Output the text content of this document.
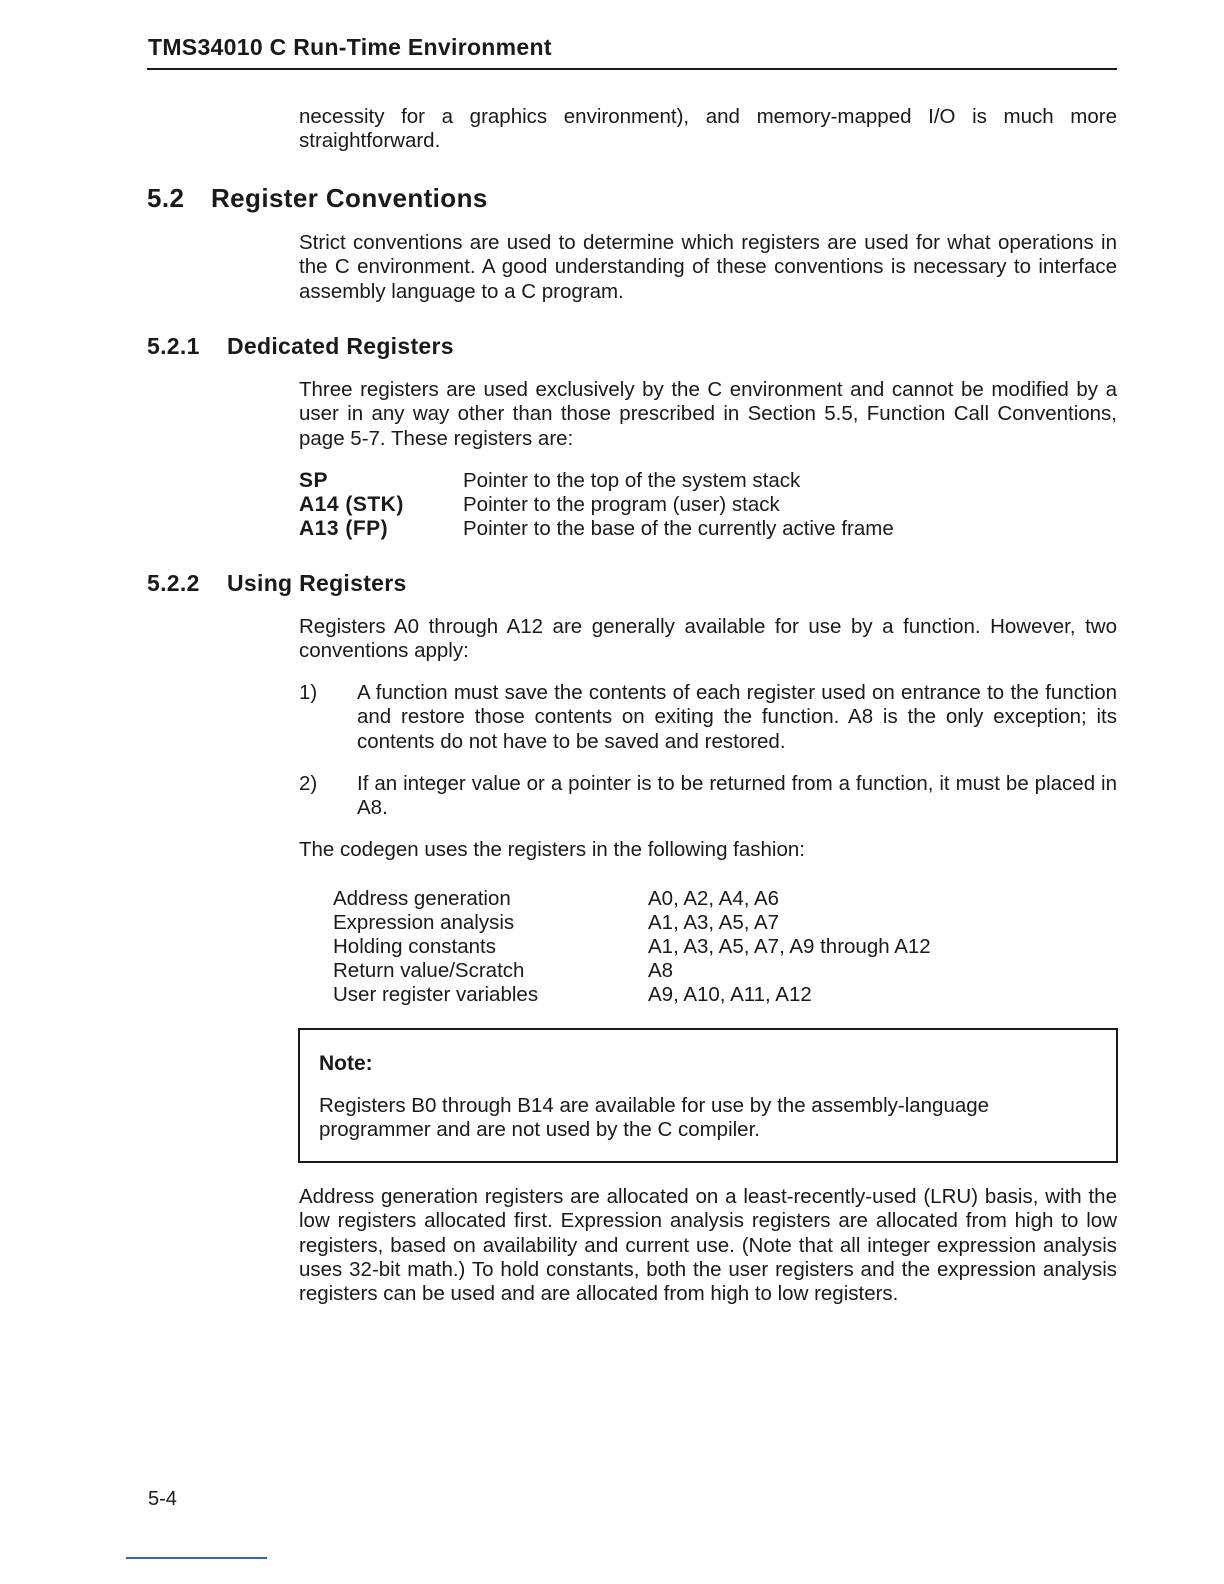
TMS34010 C Run-Time Environment
necessity for a graphics environment), and memory-mapped I/O is much more straightforward.
5.2 Register Conventions
Strict conventions are used to determine which registers are used for what operations in the C environment. A good understanding of these conventions is necessary to interface assembly language to a C program.
5.2.1 Dedicated Registers
Three registers are used exclusively by the C environment and cannot be modified by a user in any way other than those prescribed in Section 5.5, Function Call Conventions, page 5-7. These registers are:
SP	Pointer to the top of the system stack
A14 (STK)	Pointer to the program (user) stack
A13 (FP)	Pointer to the base of the currently active frame
5.2.2 Using Registers
Registers A0 through A12 are generally available for use by a function. However, two conventions apply:
1) A function must save the contents of each register used on entrance to the function and restore those contents on exiting the function. A8 is the only exception; its contents do not have to be saved and restored.
2) If an integer value or a pointer is to be returned from a function, it must be placed in A8.
The codegen uses the registers in the following fashion:
Address generation	A0, A2, A4, A6
Expression analysis	A1, A3, A5, A7
Holding constants	A1, A3, A5, A7, A9 through A12
Return value/Scratch	A8
User register variables	A9, A10, A11, A12
Note:
Registers B0 through B14 are available for use by the assembly-language programmer and are not used by the C compiler.
Address generation registers are allocated on a least-recently-used (LRU) basis, with the low registers allocated first. Expression analysis registers are allocated from high to low registers, based on availability and current use. (Note that all integer expression analysis uses 32-bit math.) To hold constants, both the user registers and the expression analysis registers can be used and are allocated from high to low registers.
5-4
